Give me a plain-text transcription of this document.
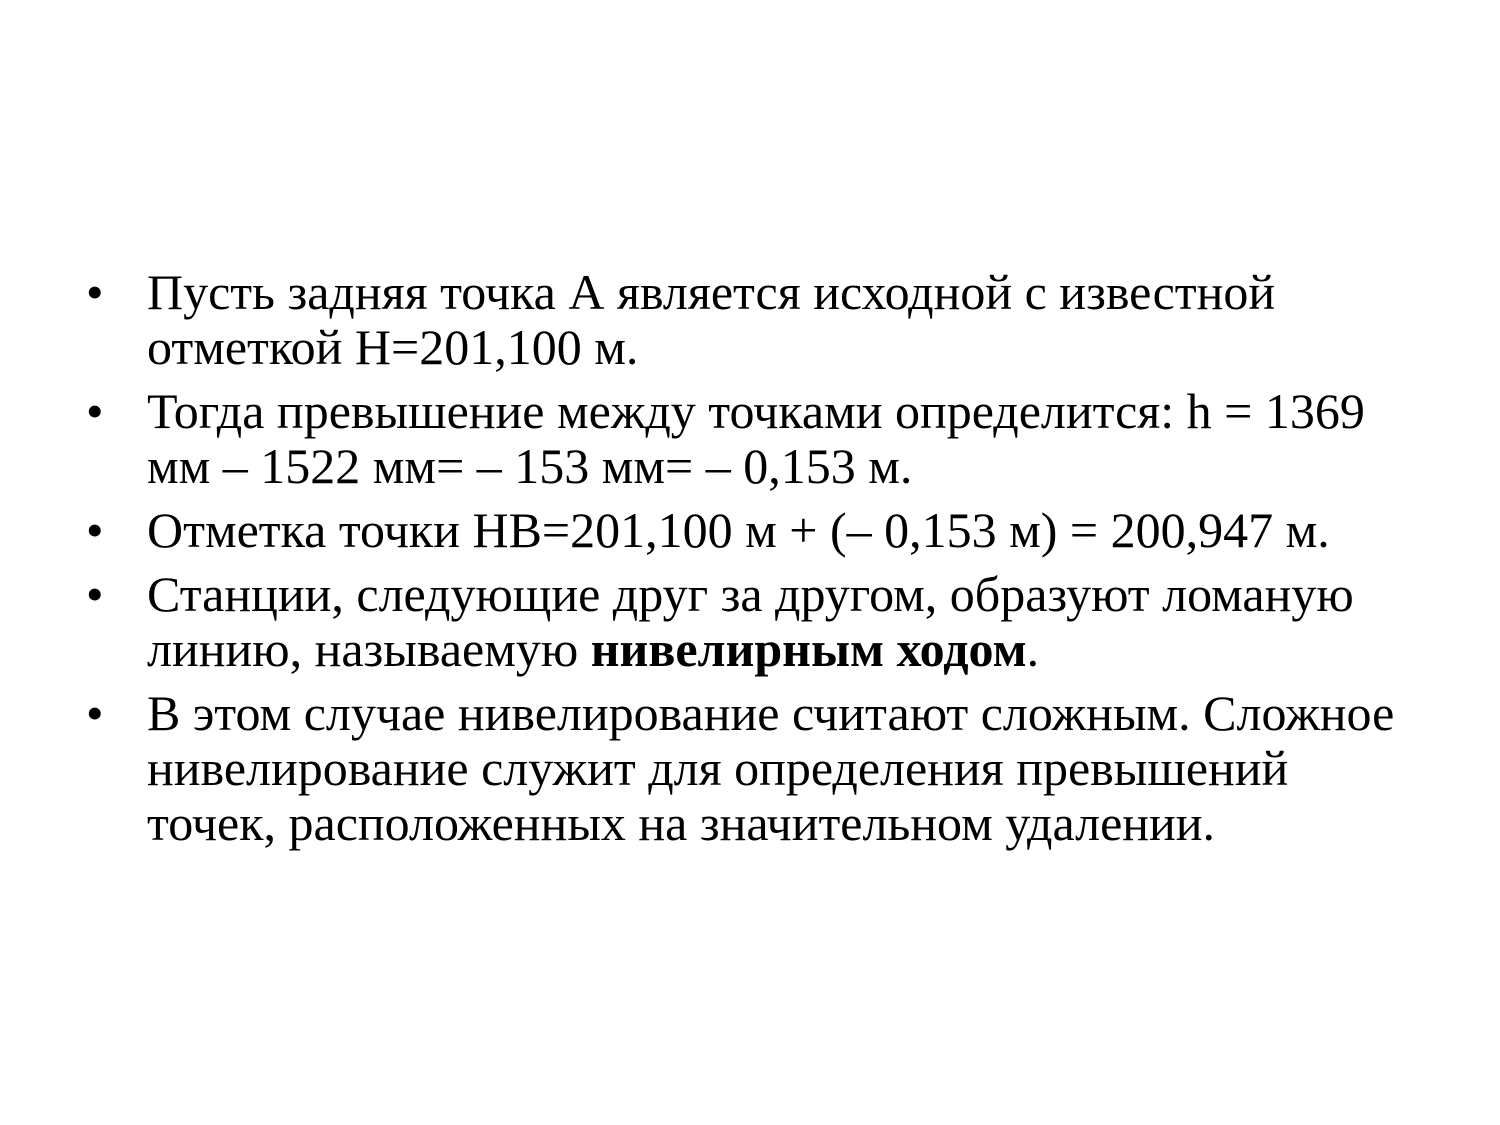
• Пусть задняя точка А является исходной с известной отметкой Н=201,100 м.
• Тогда превышение между точками определится: h = 1369 мм – 1522 мм= – 153 мм= – 0,153 м.
• Отметка точки НВ=201,100 м + (– 0,153 м) = 200,947 м.
• Станции, следующие друг за другом, образуют ломаную линию, называемую нивелирным ходом.
• В этом случае нивелирование считают сложным. Сложное нивелирование служит для определения превышений точек, расположенных на значительном удалении.
